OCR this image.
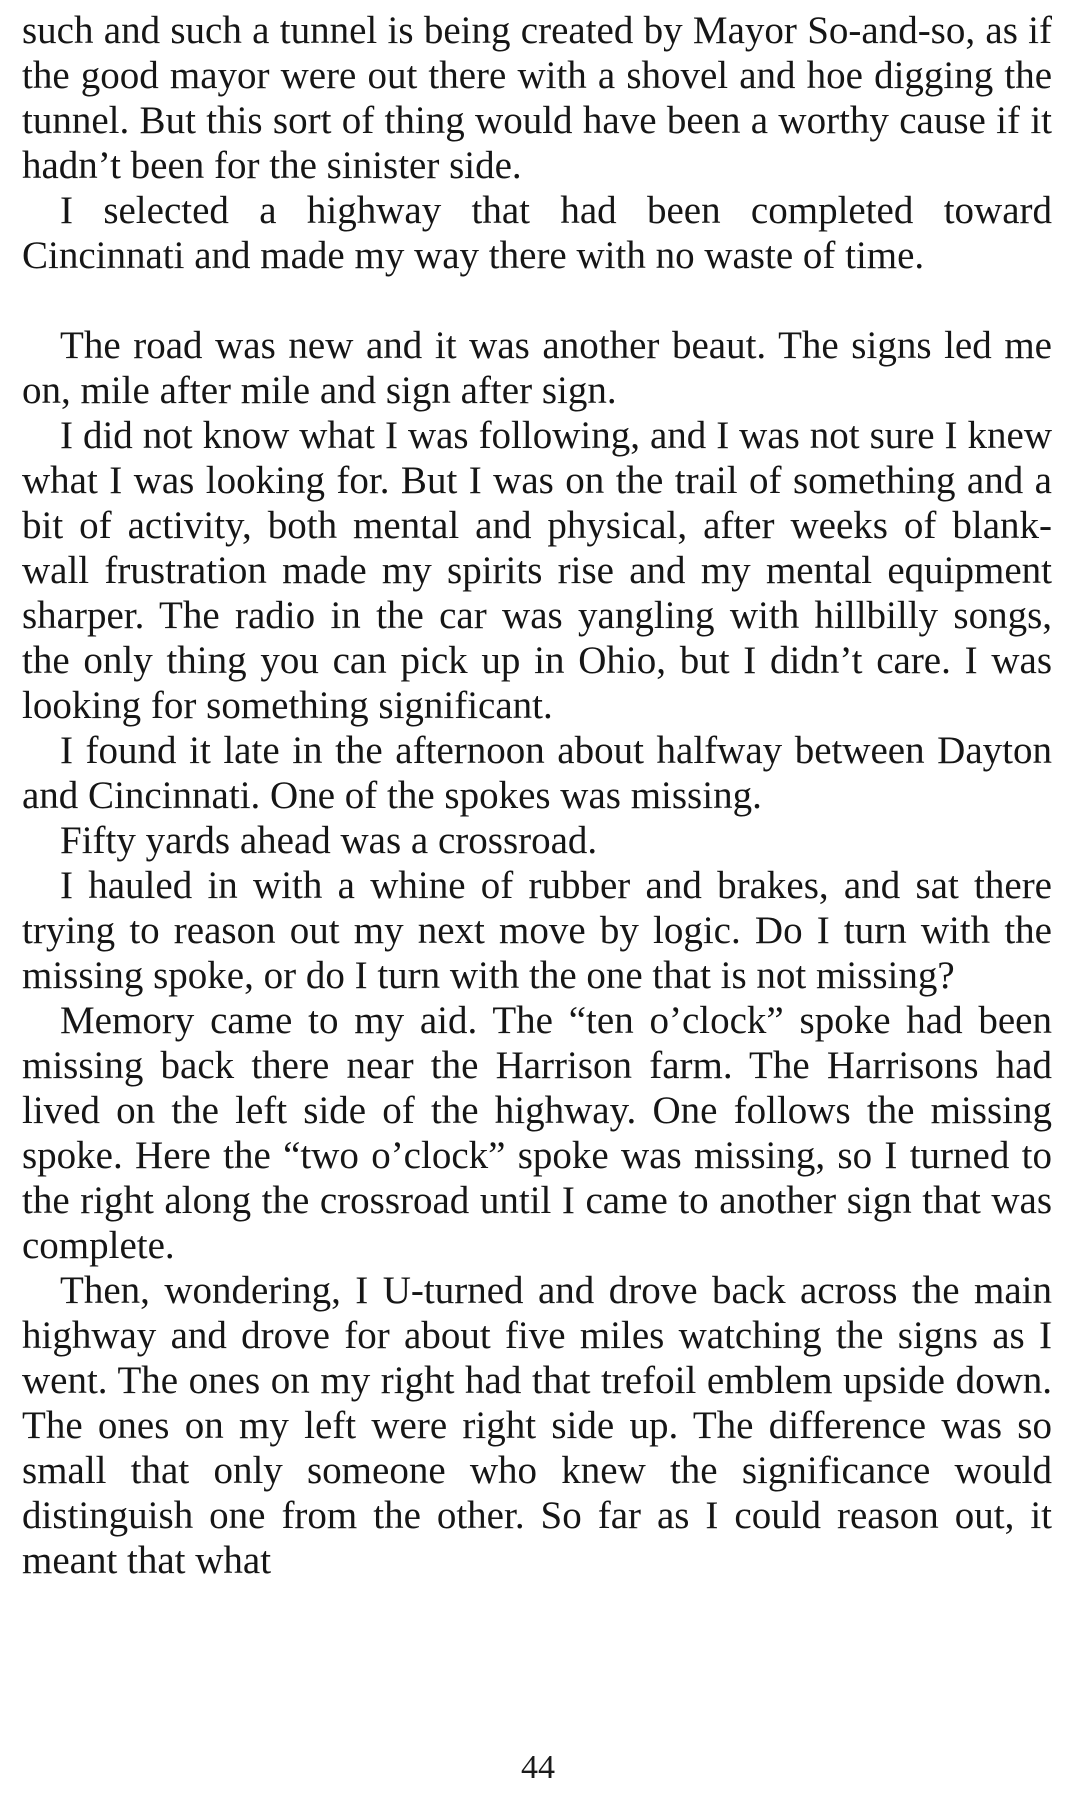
such and such a tunnel is being created by Mayor So-and-so, as if the good mayor were out there with a shovel and hoe digging the tunnel. But this sort of thing would have been a worthy cause if it hadn’t been for the sinister side.

I selected a highway that had been completed toward Cincinnati and made my way there with no waste of time.

The road was new and it was another beaut. The signs led me on, mile after mile and sign after sign.

I did not know what I was following, and I was not sure I knew what I was looking for. But I was on the trail of something and a bit of activity, both mental and physical, after weeks of blank-wall frustration made my spirits rise and my mental equipment sharper. The radio in the car was yangling with hillbilly songs, the only thing you can pick up in Ohio, but I didn’t care. I was looking for something significant.

I found it late in the afternoon about halfway between Dayton and Cincinnati. One of the spokes was missing.

Fifty yards ahead was a crossroad.

I hauled in with a whine of rubber and brakes, and sat there trying to reason out my next move by logic. Do I turn with the missing spoke, or do I turn with the one that is not missing?

Memory came to my aid. The “ten o’clock” spoke had been missing back there near the Harrison farm. The Harrisons had lived on the left side of the highway. One follows the missing spoke. Here the “two o’clock” spoke was missing, so I turned to the right along the crossroad until I came to another sign that was complete.

Then, wondering, I U-turned and drove back across the main highway and drove for about five miles watching the signs as I went. The ones on my right had that trefoil emblem upside down. The ones on my left were right side up. The difference was so small that only someone who knew the significance would distinguish one from the other. So far as I could reason out, it meant that what

44
